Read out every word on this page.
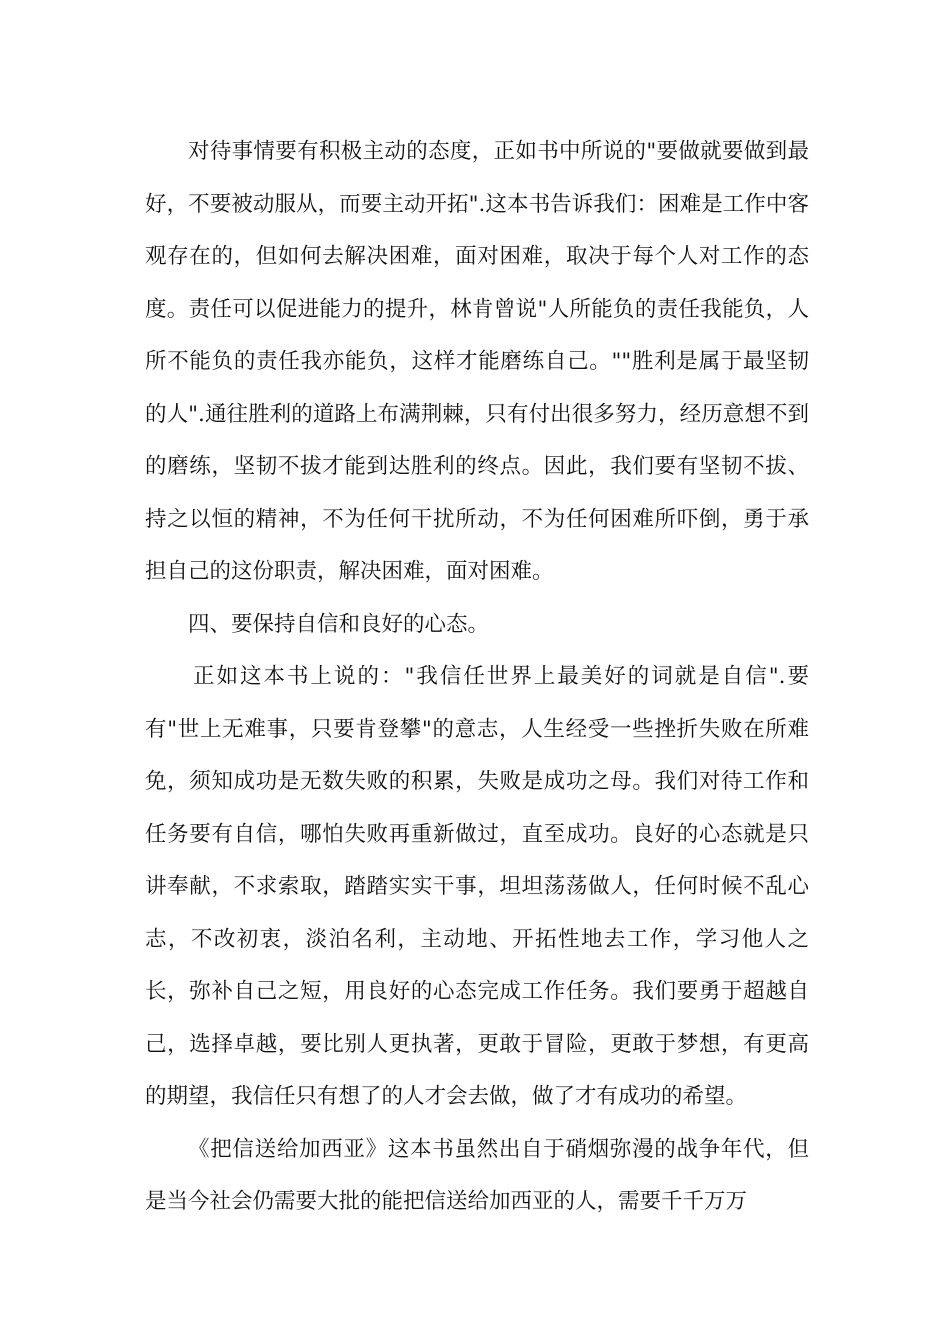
对待事情要有积极主动的态度，正如书中所说的"要做就要做到最好，不要被动服从，而要主动开拓".这本书告诉我们：困难是工作中客观存在的，但如何去解决困难，面对困难，取决于每个人对工作的态度。责任可以促进能力的提升，林肯曾说"人所能负的责任我能负，人所不能负的责任我亦能负，这样才能磨练自己。""胜利是属于最坚韧的人".通往胜利的道路上布满荆棘，只有付出很多努力，经历意想不到的磨练，坚韧不拔才能到达胜利的终点。因此，我们要有坚韧不拔、持之以恒的精神，不为任何干扰所动，不为任何困难所吓倒，勇于承担自己的这份职责，解决困难，面对困难。

四、要保持自信和良好的心态。

正如这本书上说的："我信任世界上最美好的词就是自信".要有"世上无难事，只要肯登攀"的意志，人生经受一些挫折失败在所难免，须知成功是无数失败的积累，失败是成功之母。我们对待工作和任务要有自信，哪怕失败再重新做过，直至成功。良好的心态就是只讲奉献，不求索取，踏踏实实干事，坦坦荡荡做人，任何时候不乱心志，不改初衷，淡泊名利，主动地、开拓性地去工作，学习他人之长，弥补自己之短，用良好的心态完成工作任务。我们要勇于超越自己，选择卓越，要比别人更执著，更敢于冒险，更敢于梦想，有更高的期望，我信任只有想了的人才会去做，做了才有成功的希望。

《把信送给加西亚》这本书虽然出自于硝烟弥漫的战争年代，但是当今社会仍需要大批的能把信送给加西亚的人，需要千千万万
